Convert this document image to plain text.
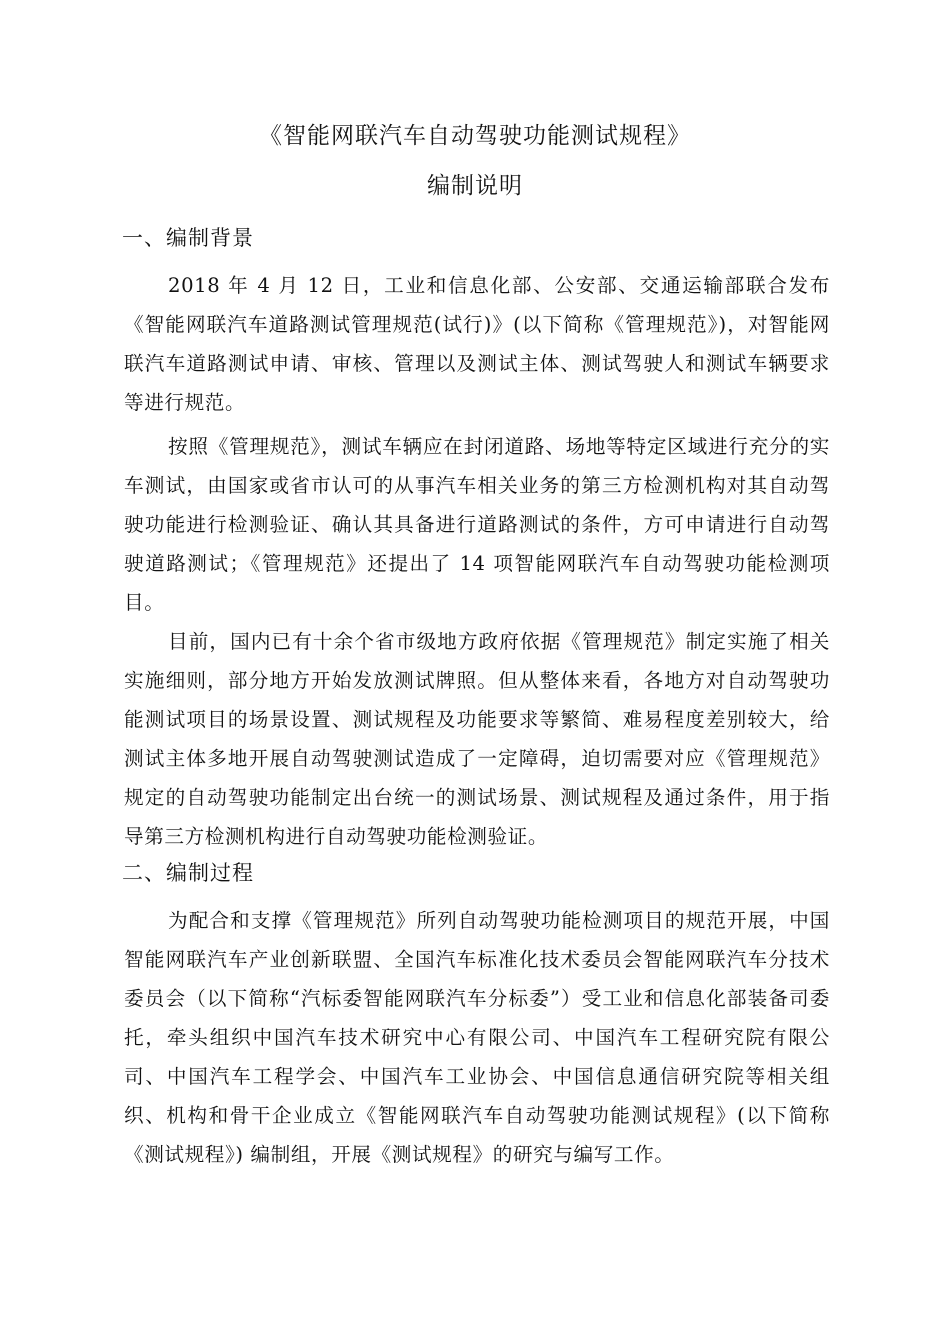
《智能网联汽车自动驾驶功能测试规程》
编制说明
一、编制背景

2018 年 4 月 12 日，工业和信息化部、公安部、交通运输部联合发布《智能网联汽车道路测试管理规范(试行)》(以下简称《管理规范》)，对智能网联汽车道路测试申请、审核、管理以及测试主体、测试驾驶人和测试车辆要求等进行规范。

按照《管理规范》，测试车辆应在封闭道路、场地等特定区域进行充分的实车测试，由国家或省市认可的从事汽车相关业务的第三方检测机构对其自动驾驶功能进行检测验证、确认其具备进行道路测试的条件，方可申请进行自动驾驶道路测试；《管理规范》还提出了 14 项智能网联汽车自动驾驶功能检测项目。

目前，国内已有十余个省市级地方政府依据《管理规范》制定实施了相关实施细则，部分地方开始发放测试牌照。但从整体来看，各地方对自动驾驶功能测试项目的场景设置、测试规程及功能要求等繁简、难易程度差别较大，给测试主体多地开展自动驾驶测试造成了一定障碍，迫切需要对应《管理规范》规定的自动驾驶功能制定出台统一的测试场景、测试规程及通过条件，用于指导第三方检测机构进行自动驾驶功能检测验证。

二、编制过程

为配合和支撑《管理规范》所列自动驾驶功能检测项目的规范开展，中国智能网联汽车产业创新联盟、全国汽车标准化技术委员会智能网联汽车分技术委员会（以下简称“汽标委智能网联汽车分标委”）受工业和信息化部装备司委托，牵头组织中国汽车技术研究中心有限公司、中国汽车工程研究院有限公司、中国汽车工程学会、中国汽车工业协会、中国信息通信研究院等相关组织、机构和骨干企业成立《智能网联汽车自动驾驶功能测试规程》(以下简称《测试规程》) 编制组，开展《测试规程》的研究与编写工作。
